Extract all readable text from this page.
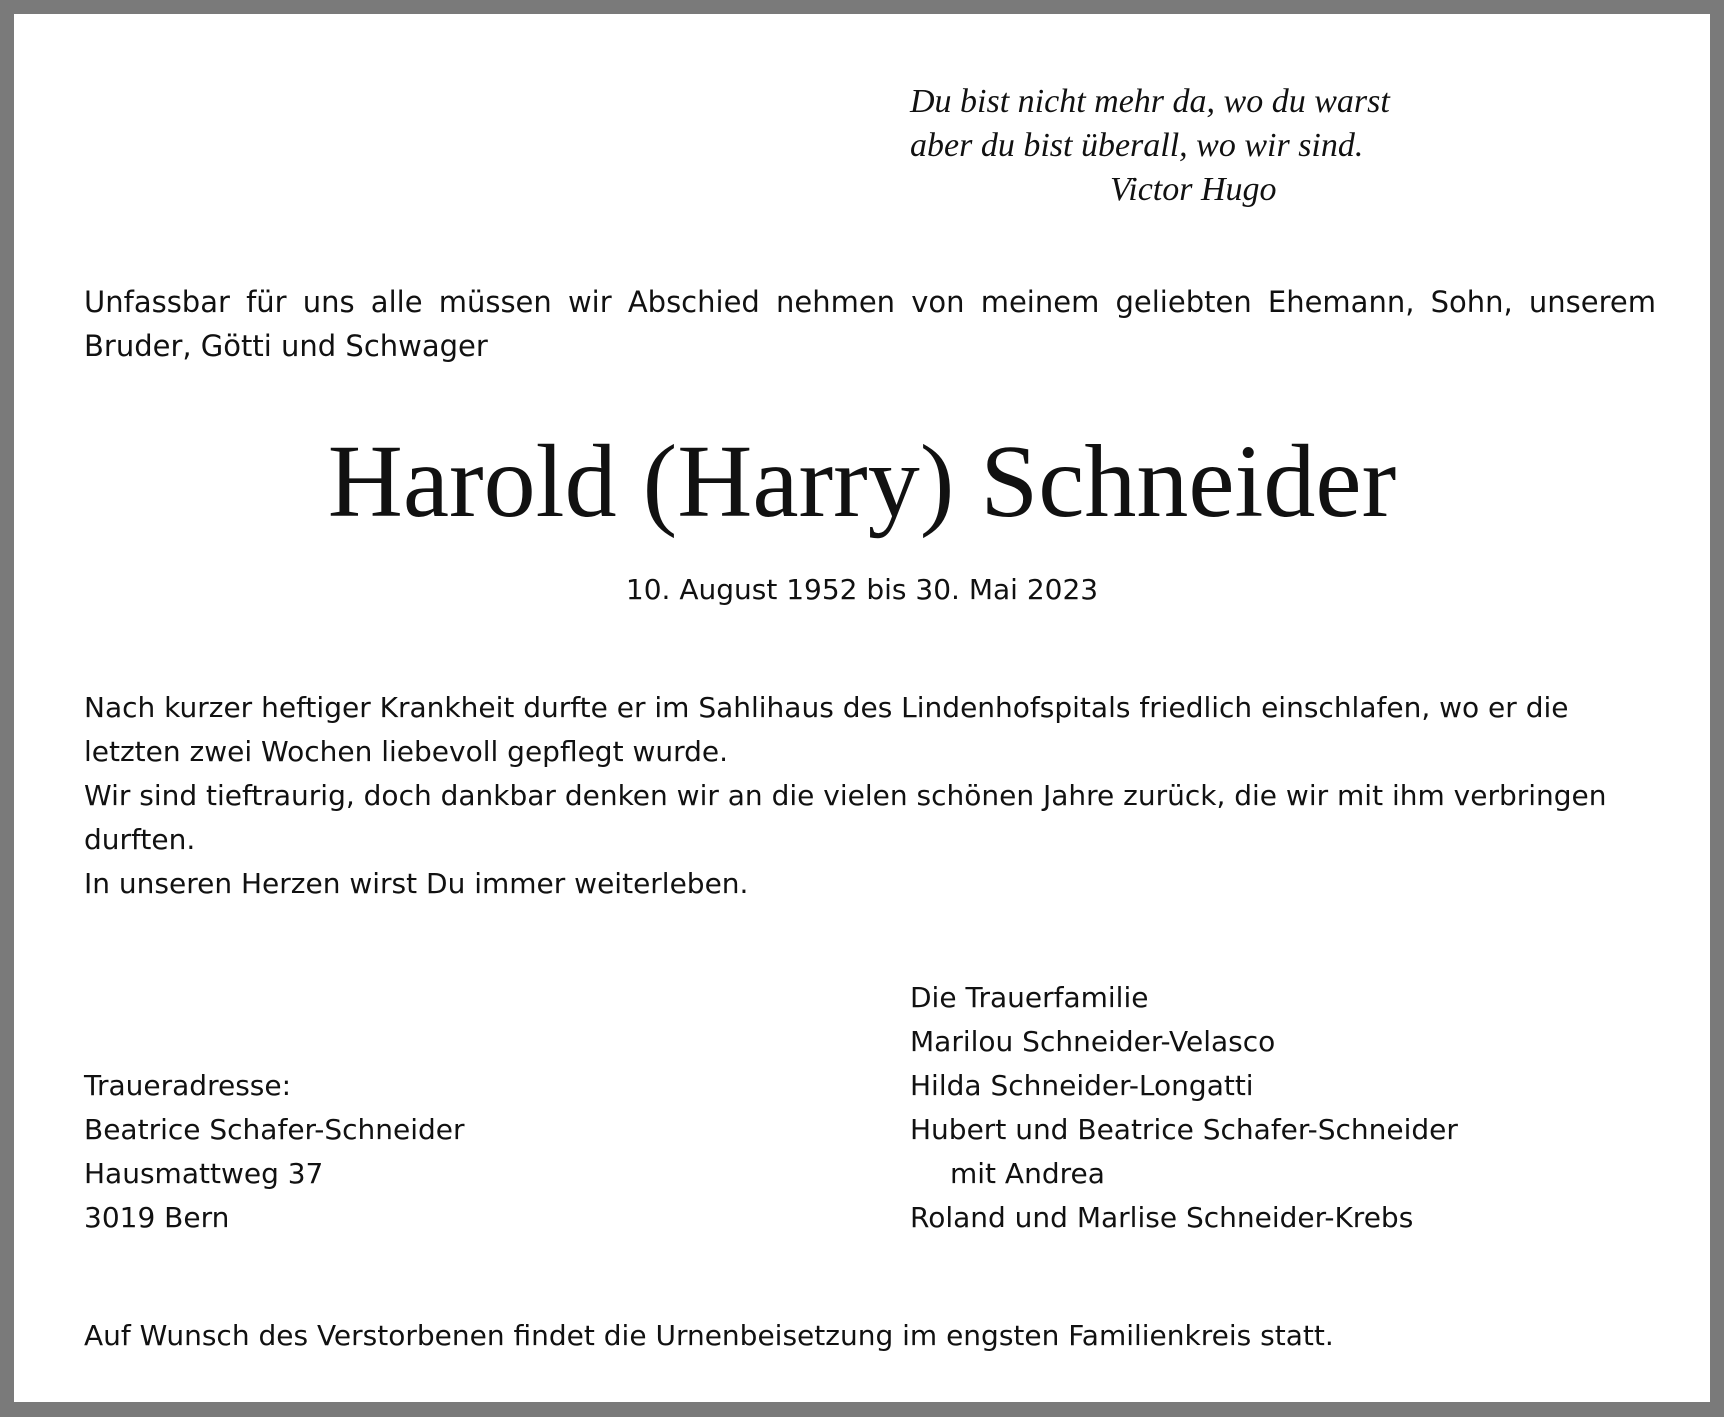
Du bist nicht mehr da, wo du warst
aber du bist überall, wo wir sind.
Victor Hugo
Unfassbar für uns alle müssen wir Abschied nehmen von meinem geliebten Ehemann, Sohn, unserem Bruder, Götti und Schwager
Harold (Harry) Schneider
10. August 1952 bis 30. Mai 2023

Nach kurzer heftiger Krankheit durfte er im Sahlihaus des Lindenhofspitals friedlich einschlafen, wo er die letzten zwei Wochen liebevoll gepflegt wurde.

Wir sind tieftraurig, doch dankbar denken wir an die vielen schönen Jahre zurück, die wir mit ihm verbringen durften.

In unseren Herzen wirst Du immer weiterleben.

Die Trauerfamilie
Marilou Schneider-Velasco
Hilda Schneider-Longatti
Hubert und Beatrice Schafer-Schneider
mit Andrea
Roland und Marlise Schneider-Krebs
Traueradresse:
Beatrice Schafer-Schneider
Hausmattweg 37
3019 Bern
Auf Wunsch des Verstorbenen findet die Urnenbeisetzung im engsten Familienkreis statt.
